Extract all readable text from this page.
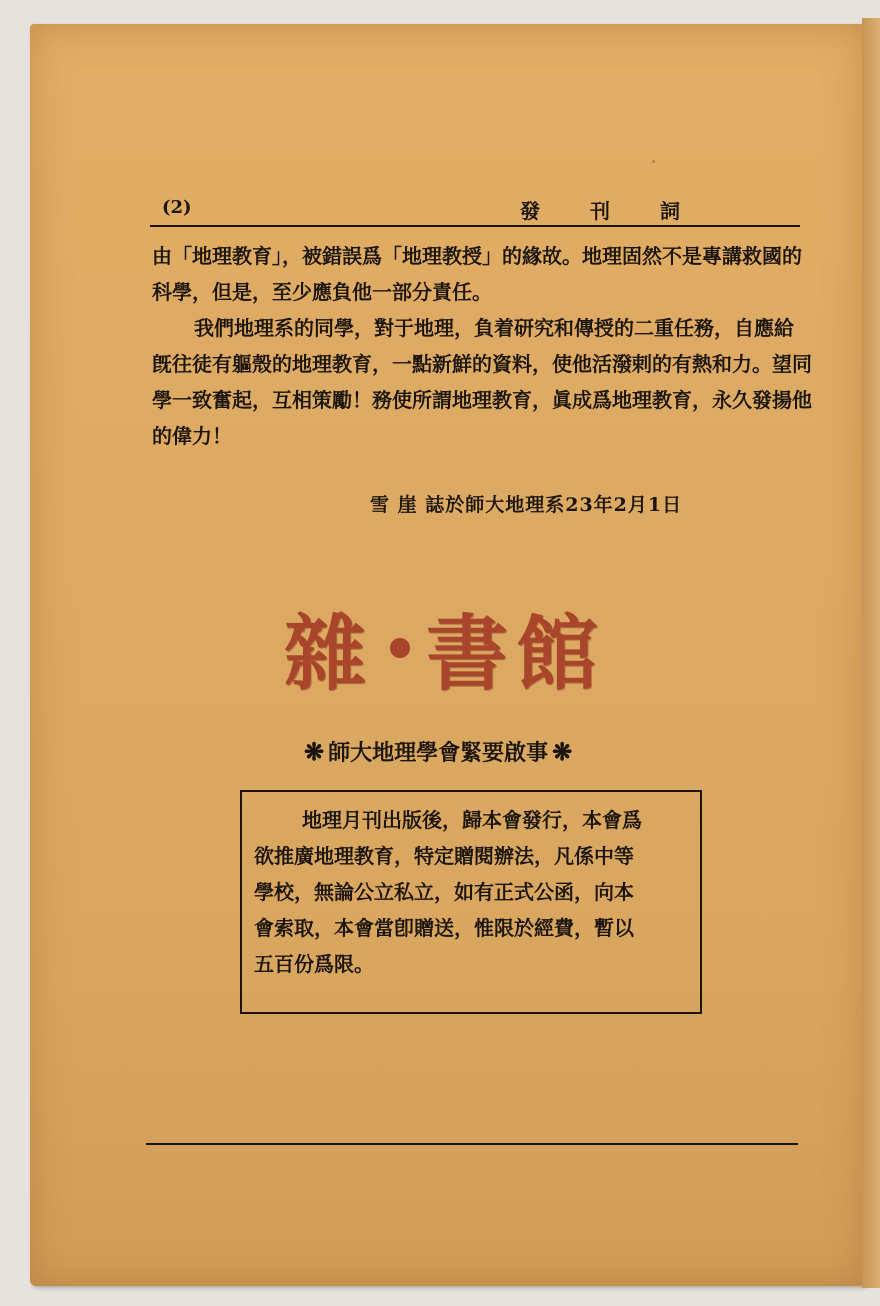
(2)	發刊詞

由「地理教育」，被錯誤爲「地理教授」的緣故。地理固然不是專講救國的科學，但是，至少應負他一部分責任。

我們地理系的同學，對于地理，負着研究和傳授的二重任務，自應給旣往徒有軀殼的地理教育，一點新鮮的資料，使他活潑剌的有熱和力。望同學一致奮起，互相策勵！務使所謂地理教育，眞成爲地理教育，永久發揚他的偉力！

雪 崖 誌於師大地理系23年2月1日
雜 書 館
❋ 師大地理學會緊要啟事 ❋

地理月刊出版後，歸本會發行，本會爲

欲推廣地理教育，特定贈閱辦法，凡係中等

學校，無論公立私立，如有正式公函，向本

會索取，本會當卽贈送，惟限於經費，暫以

五百份爲限。
